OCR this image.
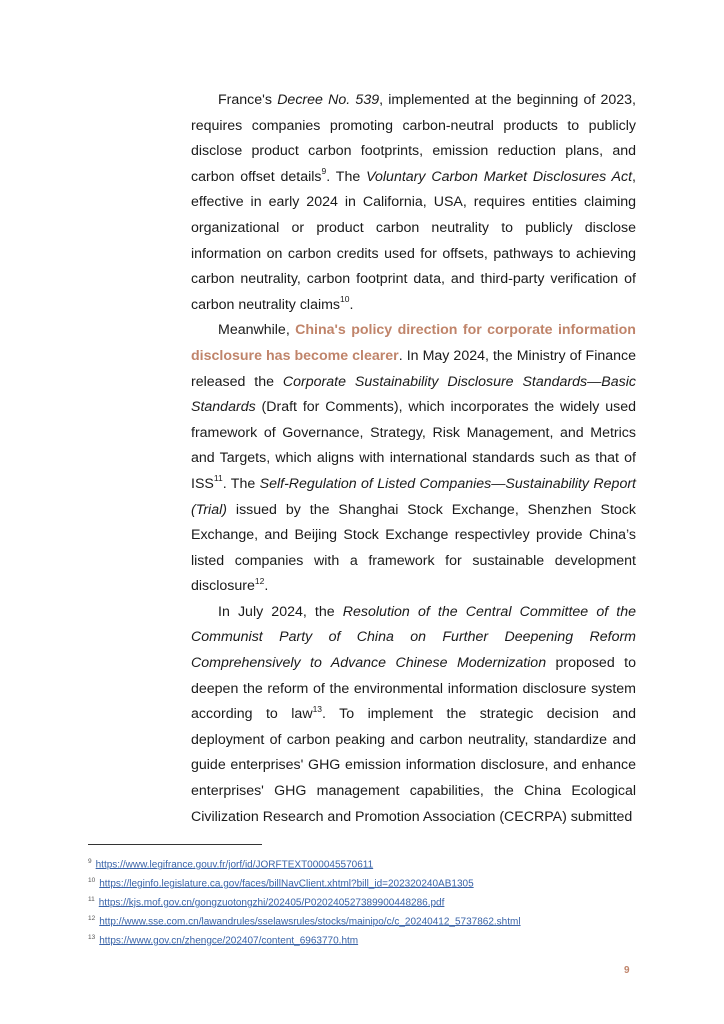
France's Decree No. 539, implemented at the beginning of 2023, requires companies promoting carbon-neutral products to publicly disclose product carbon footprints, emission reduction plans, and carbon offset details$^9$. The Voluntary Carbon Market Disclosures Act, effective in early 2024 in California, USA, requires entities claiming organizational or product carbon neutrality to publicly disclose information on carbon credits used for offsets, pathways to achieving carbon neutrality, carbon footprint data, and third-party verification of carbon neutrality claims$^{10}$.

Meanwhile, China's policy direction for corporate information disclosure has become clearer. In May 2024, the Ministry of Finance released the Corporate Sustainability Disclosure Standards—Basic Standards (Draft for Comments), which incorporates the widely used framework of Governance, Strategy, Risk Management, and Metrics and Targets, which aligns with international standards such as that of ISS$^{11}$. The Self-Regulation of Listed Companies—Sustainability Report (Trial) issued by the Shanghai Stock Exchange, Shenzhen Stock Exchange, and Beijing Stock Exchange respectivley provide China’s listed companies with a framework for sustainable development disclosure$^{12}$.

In July 2024, the Resolution of the Central Committee of the Communist Party of China on Further Deepening Reform Comprehensively to Advance Chinese Modernization proposed to deepen the reform of the environmental information disclosure system according to law$^{13}$. To implement the strategic decision and deployment of carbon peaking and carbon neutrality, standardize and guide enterprises' GHG emission information disclosure, and enhance enterprises' GHG management capabilities, the China Ecological Civilization Research and Promotion Association (CECRPA) submitted

$^9$ https://www.legifrance.gouv.fr/jorf/id/JORFTEXT000045570611
$^{10}$ https://leginfo.legislature.ca.gov/faces/billNavClient.xhtml?bill_id=202320240AB1305
$^{11}$ https://kjs.mof.gov.cn/gongzuotongzhi/202405/P020240527389900448286.pdf
$^{12}$ http://www.sse.com.cn/lawandrules/sselawsrules/stocks/mainipo/c/c_20240412_5737862.shtml
$^{13}$ https://www.gov.cn/zhengce/202407/content_6963770.htm
9
